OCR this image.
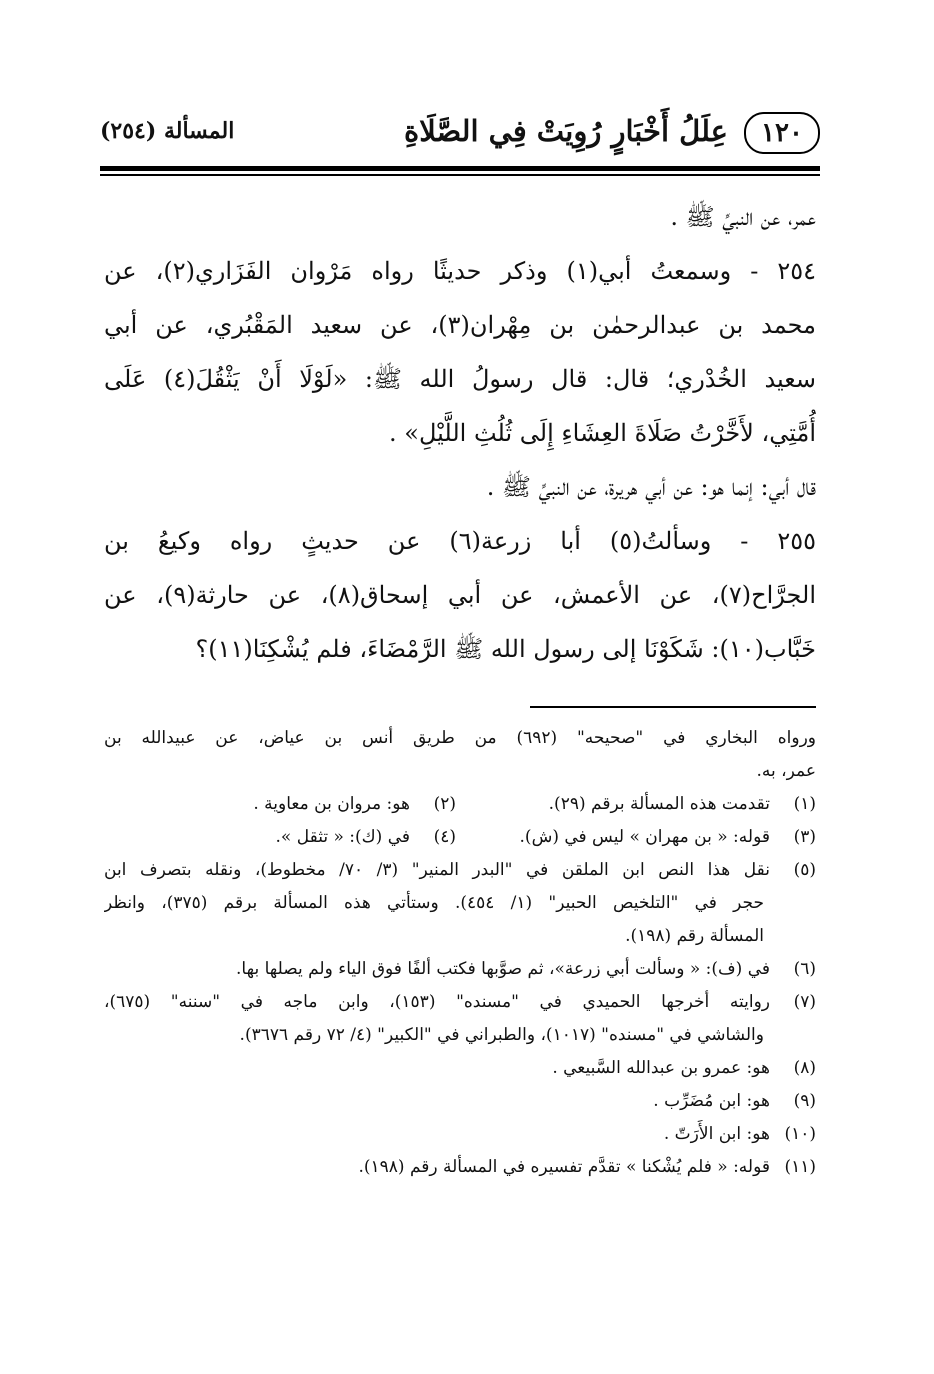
١٢٠
عِلَلُ أَخْبَارٍ رُوِيَتْ فِي الصَّلَاةِ
المسألة (٢٥٤)
عمر، عن النبيِّ ﷺ .
٢٥٤ - وسمعتُ أبي(١) وذكر حديثًا رواه مَرْوان الفَزَاري(٢)، عن
محمد بن عبدالرحمٰن بن مِهْران(٣)، عن سعيد المَقْبُري، عن أبي
سعيد الخُدْري؛ قال: قال رسولُ الله ﷺ: «لَوْلَا أَنْ يَثْقُلَ(٤) عَلَى
أُمَّتِي، لأَخَّرْتُ صَلَاةَ العِشَاءِ إِلَى ثُلُثِ اللَّيْلِ» .
قال أبي: إنما هو: عن أبي هريرة، عن النبيِّ ﷺ .
٢٥٥ - وسألتُ(٥) أبا زرعة(٦) عن حديثٍ رواه وكيعُ بن
الجرَّاح(٧)، عن الأعمش، عن أبي إسحاق(٨)، عن حارثة(٩)، عن
خَبَّاب(١٠): شَكَوْنَا إلى رسول الله ﷺ الرَّمْضَاءَ، فلم يُشْكِنَا(١١)؟
ورواه البخاري في "صحيحه" (٦٩٢) من طريق أنس بن عياض، عن عبيدالله بن
عمر، به.
(١)تقدمت هذه المسألة برقم (٢٩).
(٢)هو: مروان بن معاوية .
(٣)قوله: « بن مهران » ليس في (ش).
(٤)في (ك): « تثقل ».
(٥)نقل هذا النص ابن الملقن في "البدر المنير" (٣/ ٧٠/ مخطوط)، ونقله بتصرف ابن
حجر في "التلخيص الحبير" (١/ ٤٥٤). وستأتي هذه المسألة برقم (٣٧٥)، وانظر
المسألة رقم (١٩٨).
(٦)في (ف): « وسألت أبي زرعة»، ثم صوَّبها فكتب ألفًا فوق الياء ولم يصلها بها.
(٧)روايته أخرجها الحميدي في "مسنده" (١٥٣)، وابن ماجه في "سننه" (٦٧٥)،
والشاشي في "مسنده" (١٠١٧)، والطبراني في "الكبير" (٤/ ٧٢ رقم ٣٦٧٦).
(٨)هو: عمرو بن عبدالله السَّبيعي .
(٩)هو: ابن مُضَرِّب .
(١٠)هو: ابن الأَرَتّ .
(١١)قوله: « فلم يُشْكنا » تقدَّم تفسيره في المسألة رقم (١٩٨).
